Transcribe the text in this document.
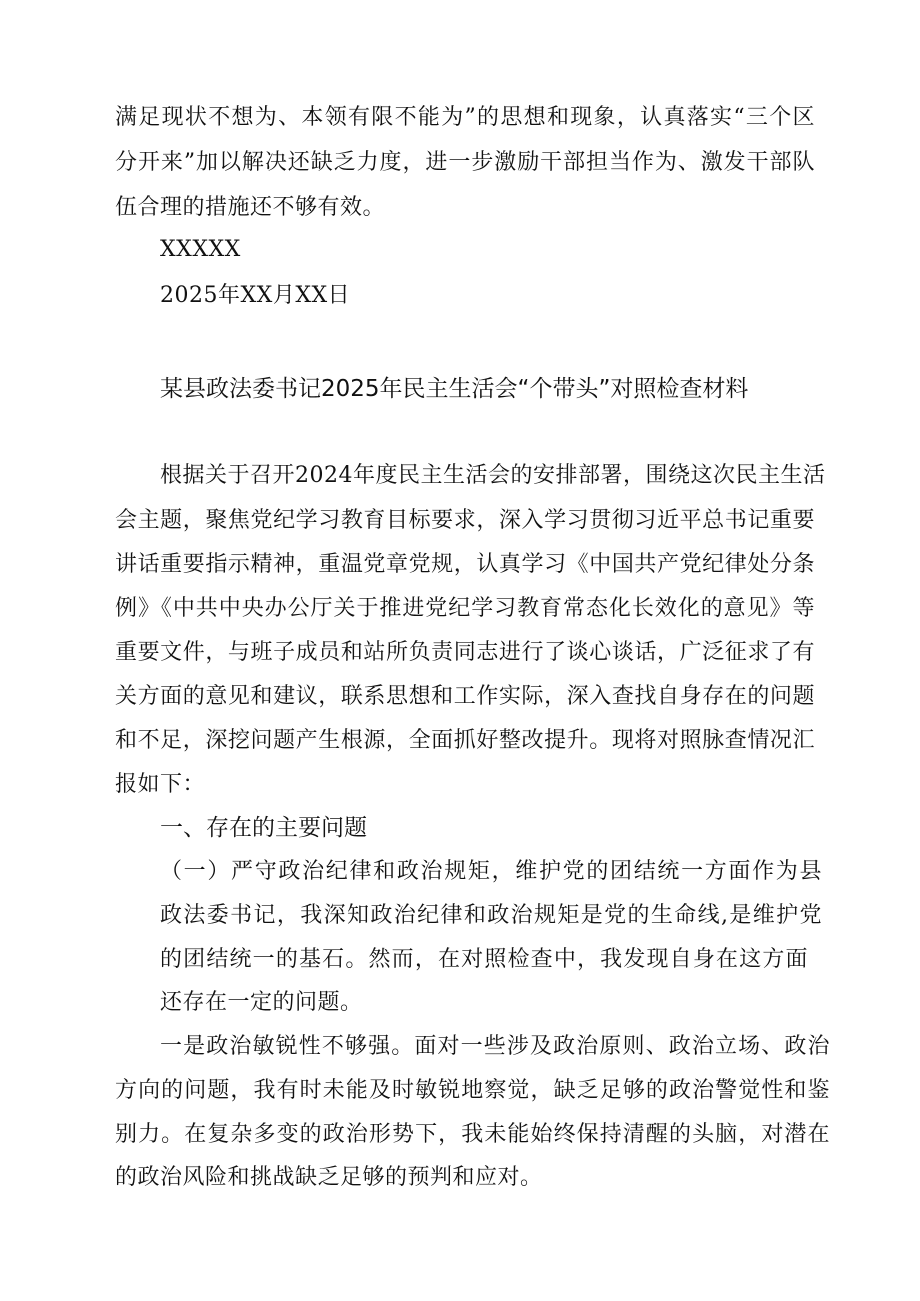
满足现状不想为、本领有限不能为”的思想和现象，认真落实“三个区
分开来”加以解决还缺乏力度，进一步激励干部担当作为、激发干部队
伍合理的措施还不够有效。
XXXXX
2025年XX月XX日
某县政法委书记2025年民主生活会“个带头”对照检查材料
根据关于召开2024年度民主生活会的安排部署，围绕这次民主生活
会主题，聚焦党纪学习教育目标要求，深入学习贯彻习近平总书记重要
讲话重要指示精神，重温党章党规，认真学习《中国共产党纪律处分条
例》《中共中央办公厅关于推进党纪学习教育常态化长效化的意见》等
重要文件，与班子成员和站所负责同志进行了谈心谈话，广泛征求了有
关方面的意见和建议，联系思想和工作实际，深入查找自身存在的问题
和不足，深挖问题产生根源，全面抓好整改提升。现将对照脉查情况汇
报如下：
一、存在的主要问题
（一）严守政治纪律和政治规矩，维护党的团结统一方面作为县
政法委书记，我深知政治纪律和政治规矩是党的生命线,是维护党
的团结统一的基石。然而，在对照检查中，我发现自身在这方面
还存在一定的问题。
一是政治敏锐性不够强。面对一些涉及政治原则、政治立场、政治
方向的问题，我有时未能及时敏锐地察觉，缺乏足够的政治警觉性和鉴
别力。在复杂多变的政治形势下，我未能始终保持清醒的头脑，对潜在
的政治风险和挑战缺乏足够的预判和应对。
